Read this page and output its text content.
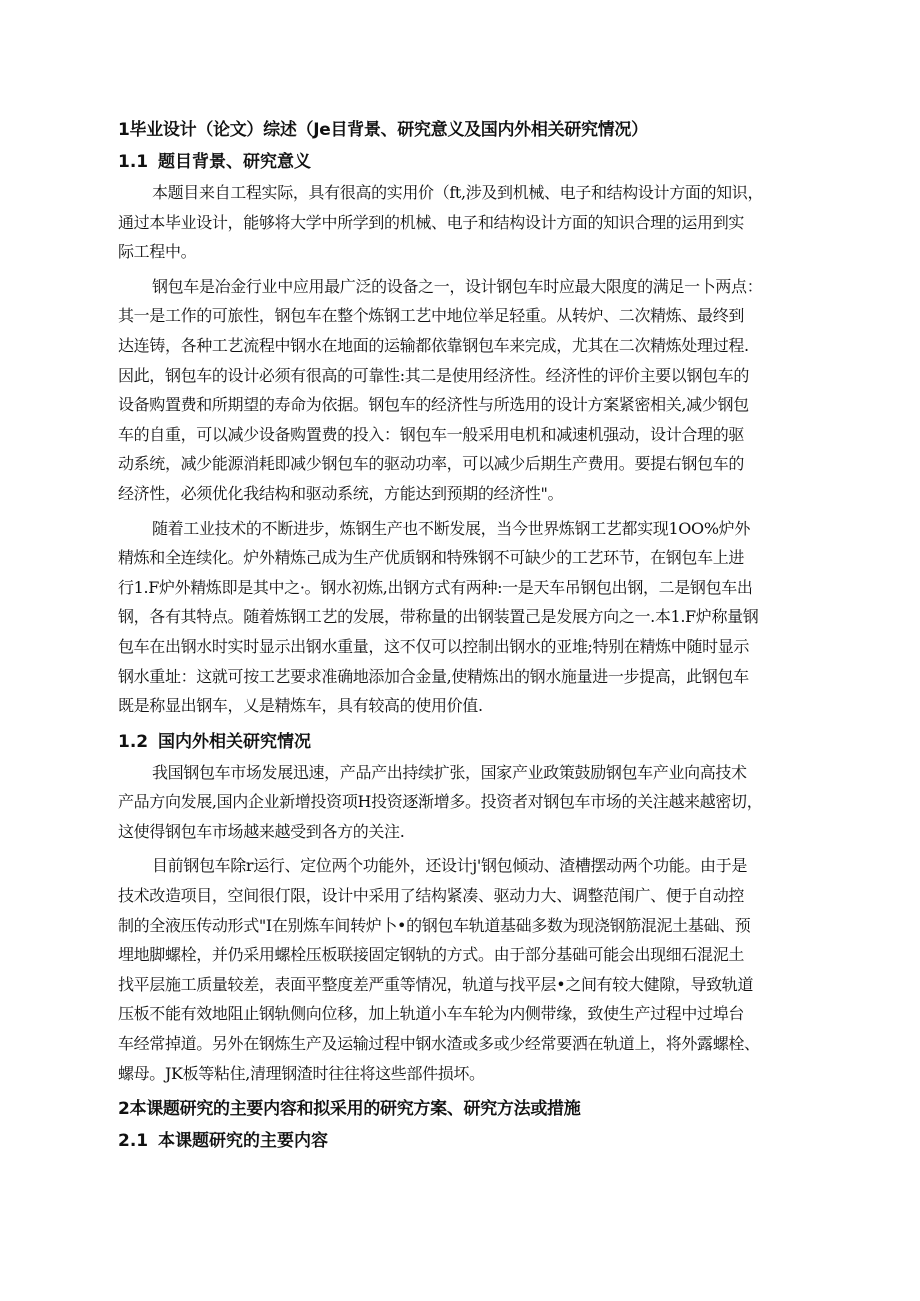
1毕业设计（论文）综述（Je目背景、研究意义及国内外相关研究情况）
1.1 题目背景、研究意义
本题目来自工程实际，具有很高的实用价（ft,涉及到机械、电子和结构设计方面的知识，
通过本毕业设计，能够将大学中所学到的机械、电子和结构设计方面的知识合理的运用到实
际工程中。
钢包车是冶金行业中应用最广泛的设备之一，设计钢包车时应最大限度的满足一卜两点：
其一是工作的可旅性，钢包车在整个炼钢工艺中地位举足轻重。从转炉、二次精炼、最终到
达连铸，各种工艺流程中钢水在地面的运输都依靠钢包车来完成，尤其在二次精炼处理过程.
因此，钢包车的设计必须有很高的可靠性:其二是使用经济性。经济性的评价主要以钢包车的
设备购置费和所期望的寿命为依据。钢包车的经济性与所选用的设计方案紧密相关,减少钢包
车的自重，可以减少设备购置费的投入：钢包车一般采用电机和减速机强动，设计合理的驱
动系统，减少能源消耗即减少钢包车的驱动功率，可以减少后期生产费用。要提右钢包车的
经济性，必须优化我结构和驱动系统，方能达到预期的经济性"。
随着工业技术的不断进步，炼钢生产也不断发展，当今世界炼钢工艺都实现1OO%炉外
精炼和全连续化。炉外精炼己成为生产优质钢和特殊钢不可缺少的工艺环节，在钢包车上进
行1.F炉外精炼即是其中之·。钢水初炼,出钢方式有两种:一是天车吊钢包出钢，二是钢包车出
钢，各有其特点。随着炼钢工艺的发展，带称量的出钢装置己是发展方向之一.本1.F炉称量钢
包车在出钢水时实时显示出钢水重量，这不仅可以控制出钢水的亚堆;特别在精炼中随时显示
钢水重址：这就可按工艺要求准确地添加合金量,使精炼出的钢水施量进一步提高，此钢包车
既是称显出钢车，乂是精炼车，具有较高的使用价值.
1.2 国内外相关研究情况
我国钢包车市场发展迅速，产品产出持续扩张，国家产业政策鼓励钢包车产业向高技术
产品方向发展,国内企业新增投资项H投资逐渐增多。投资者对钢包车市场的关注越来越密切，
这使得钢包车市场越来越受到各方的关注.
目前钢包车除r运行、定位两个功能外，还设计j'钢包倾动、渣槽摆动两个功能。由于是
技术改造项目，空间很仃限，设计中采用了结构紧凑、驱动力大、调整范闱广、便于自动控
制的全液压传动形式"I在别炼车间转炉卜•的钢包车轨道基础多数为现浇钢筋混泥土基础、预
埋地脚螺栓，并仍采用螺栓压板联接固定钢轨的方式。由于部分基础可能会出现细石混泥土
找平层施工质量较差，表面平整度差严重等情况，轨道与找平层•之间有较大健隙，导致轨道
压板不能有效地阻止钢轨侧向位移，加上轨道小车车轮为内侧带缘，致使生产过程中过埠台
车经常掉道。另外在钢炼生产及运输过程中钢水渣或多或少经常要洒在轨道上，将外露螺栓、
螺母。JK板等粘住,清理钢渣时往往将这些部件损坏。
2本课题研究的主要内容和拟采用的研究方案、研究方法或措施
2.1 本课题研究的主要内容
